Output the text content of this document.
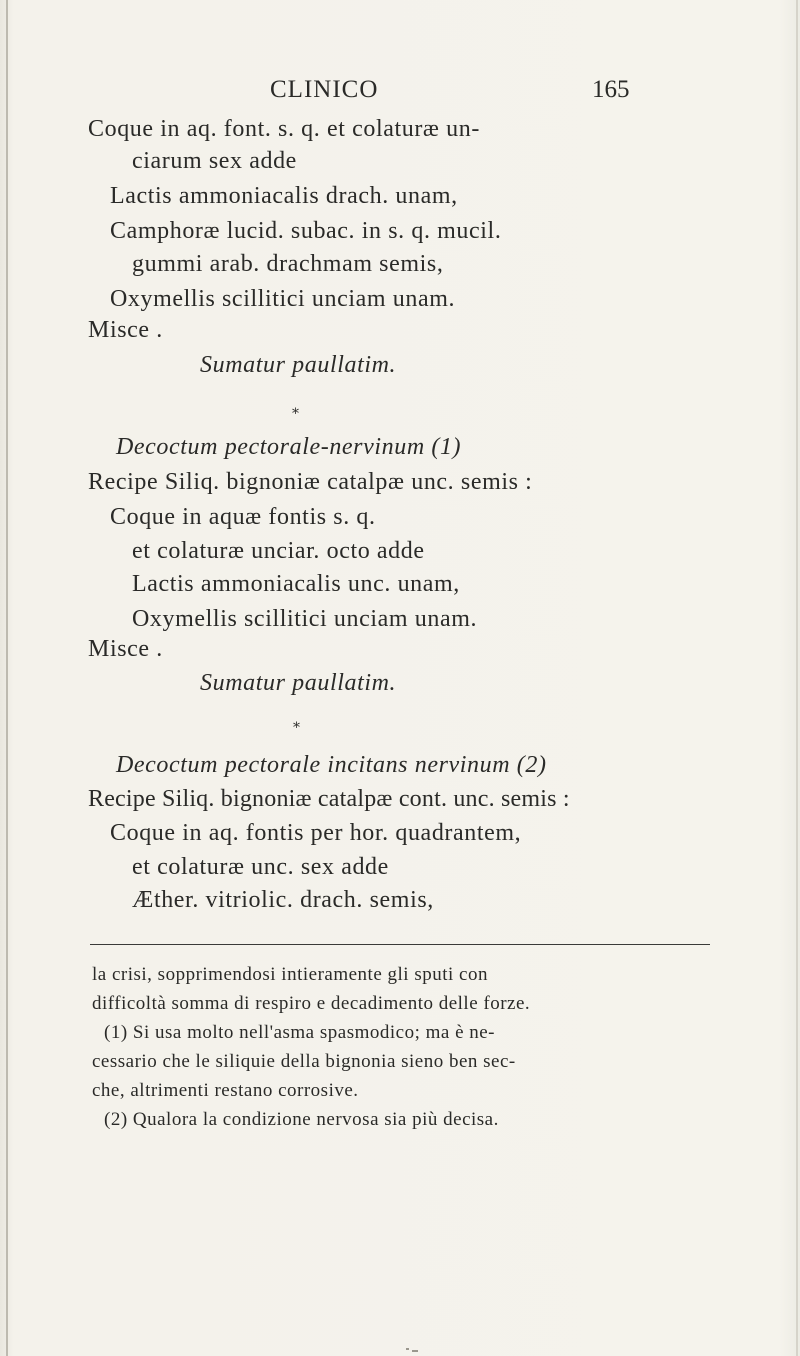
CLINICO	165
Coque in aq. font. s. q. et colaturæ un-
ciarum sex adde
Lactis ammoniacalis drach. unam,
Camphoræ lucid. subac. in s. q. mucil.
gummi arab. drachmam semis,
Oxymellis scillitici unciam unam.
Misce .
Sumatur paullatim.
*
Decoctum pectorale-nervinum (1)
Recipe Siliq. bignoniæ catalpæ unc. semis :
Coque in aquæ fontis s. q.
et colaturæ unciar. octo adde
Lactis ammoniacalis unc. unam,
Oxymellis scillitici unciam unam.
Misce .
Sumatur paullatim.
*
Decoctum pectorale incitans nervinum (2)
Recipe Siliq. bignoniæ catalpæ cont. unc. semis :
Coque in aq. fontis per hor. quadrantem,
et colaturæ unc. sex adde
Æther. vitriolic. drach. semis,
la crisi, sopprimendosi intieramente gli sputi con
difficoltà somma di respiro e decadimento delle forze.
(1) Si usa molto nell'asma spasmodico; ma è ne-
cessario che le siliquie della bignonia sieno ben sec-
che, altrimenti restano corrosive.
(2) Qualora la condizione nervosa sia più decisa.
